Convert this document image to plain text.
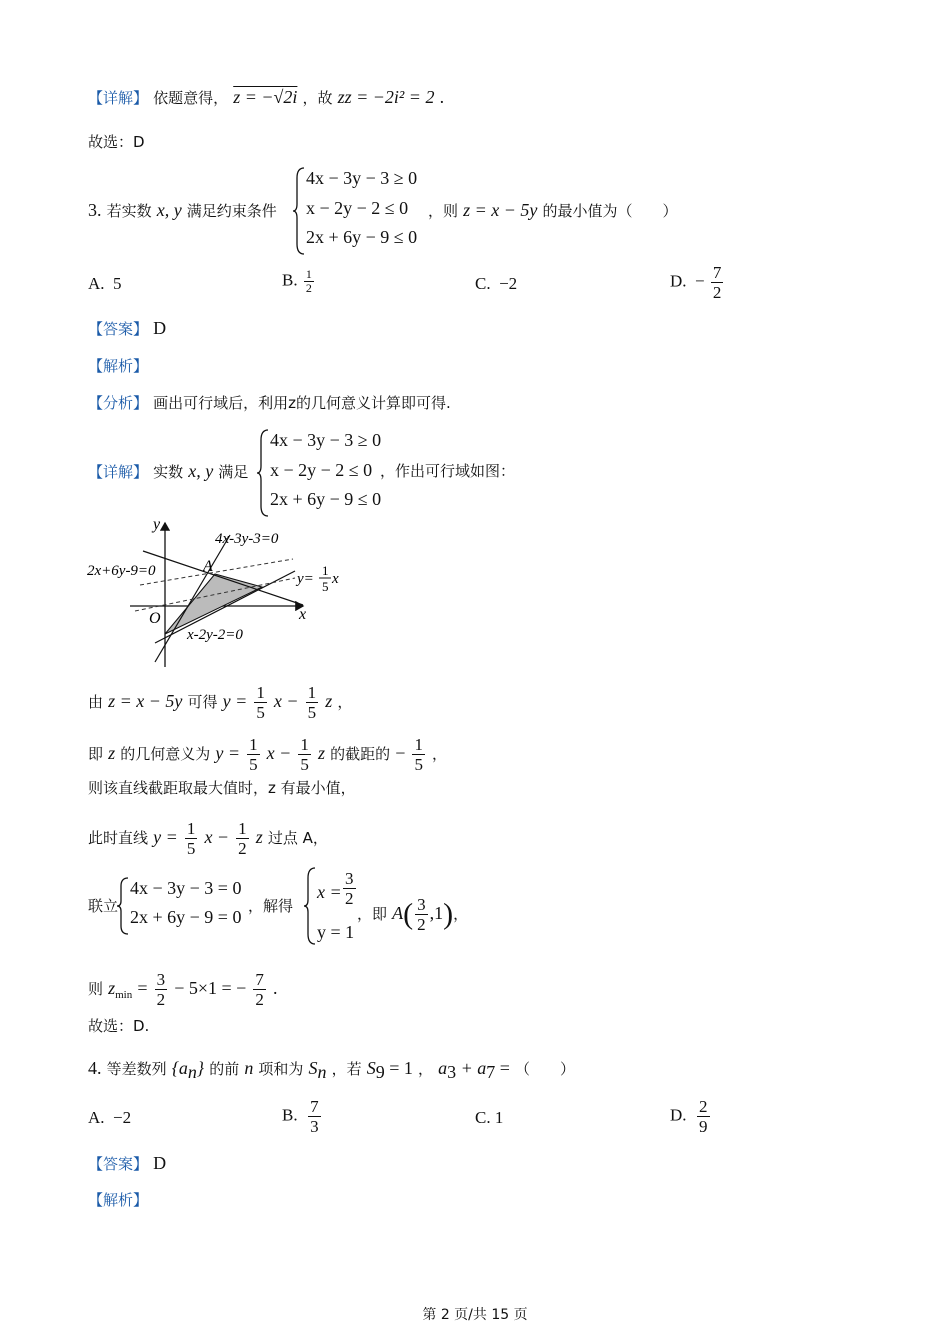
【详解】 依题意得， z = −√2i ，故 zz = −2i² = 2 .
故选：D
3. 若实数 x, y 满足约束条件
4x − 3y − 3 ≥ 0
x − 2y − 2 ≤ 0
2x + 6y − 9 ≤ 0
，则 z = x − 5y 的最小值为（　　）
A. 5	B. $\frac{1}{2}$	C. −2	D. − $\frac{7}{2}$
【答案】 D
【解析】
【分析】 画出可行域后，利用z的几何意义计算即可得.
【详解】 实数 x, y 满足
4x − 3y − 3 ≥ 0
x − 2y − 2 ≤ 0
2x + 6y − 9 ≤ 0
，作出可行域如图：
y
x
O
A
4x-3y-3=0
2x+6y-9=0
x-2y-2=0
y=
1
5 x
由 z = x − 5y 可得 $y = \frac{1}{5}$ $x - \frac{1}{5}$ z ，
即 z 的几何意义为 $y = \frac{1}{5}$ $x - \frac{1}{5}$ z 的截距的 − $\frac{1}{5}$ ，
则该直线截距取最大值时，z 有最小值，
此时直线 $y = \frac{1}{5}$ $x - \frac{1}{2}$ z 过点 A，
联立
4x − 3y − 3 = 0
2x + 6y − 9 = 0
，解得
$x = \frac{3}{2}$
y = 1
，即 $A( \frac{3}{2} ,1)$，
则 $z_{min} = \frac{3}{2} - 5\times 1$ = − $\frac{7}{2}$ .
故选：D.
4. 等差数列 $\{a_n\}$ 的前 n 项和为 $S_n$ ，若 $S_9 = 1$ ， $a_3 + a_7$ = （　　）
A. −2	B. $\frac{7}{3}$	C. 1	D. $\frac{2}{9}$
【答案】 D
【解析】
第 2 页/共 15 页
